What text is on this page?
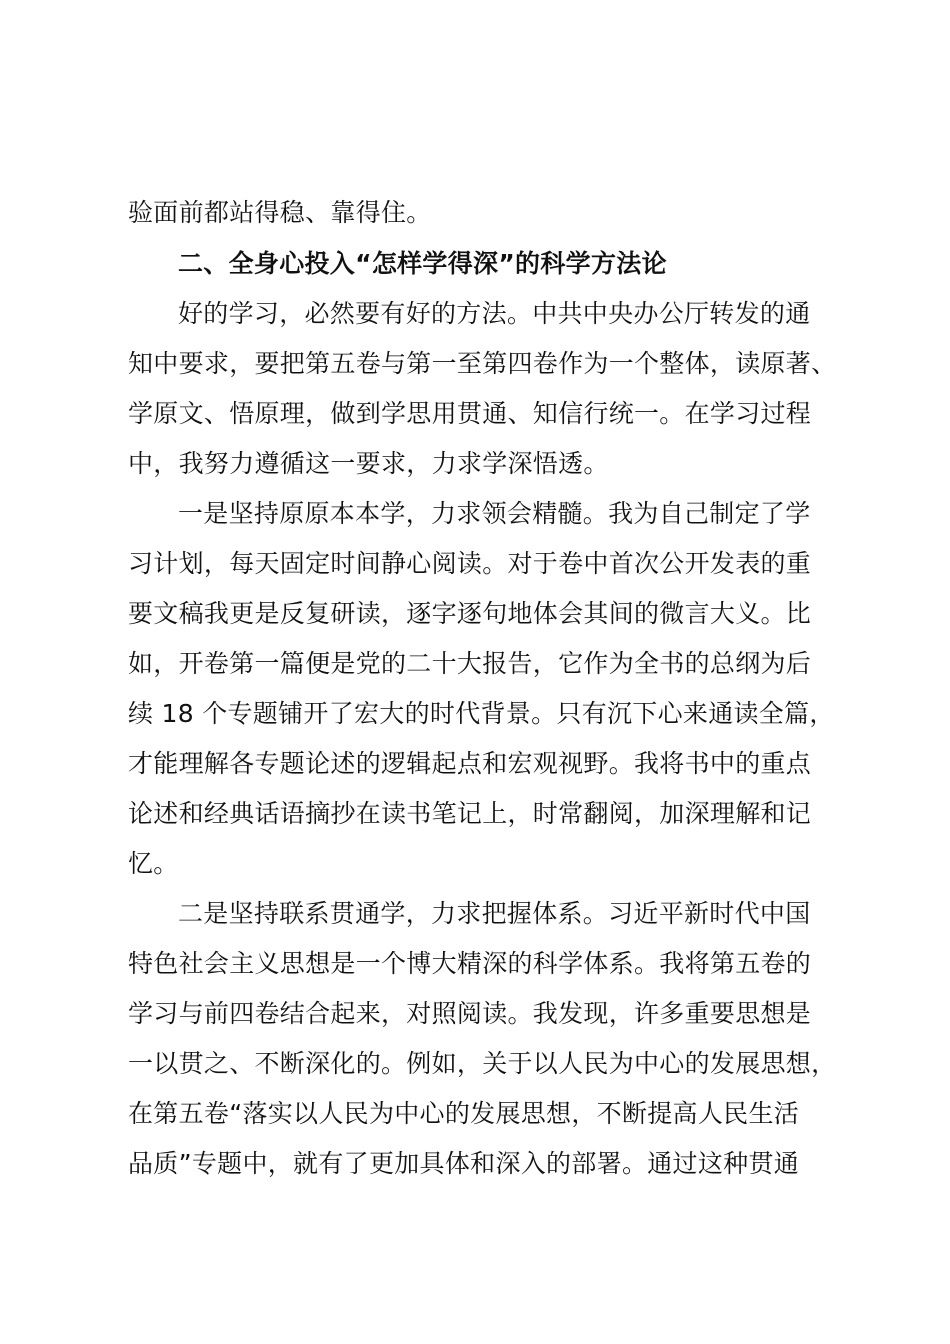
验面前都站得稳、靠得住。
二、全身心投入“怎样学得深”的科学方法论
好的学习，必然要有好的方法。中共中央办公厅转发的通
知中要求，要把第五卷与第一至第四卷作为一个整体，读原著、
学原文、悟原理，做到学思用贯通、知信行统一。在学习过程
中，我努力遵循这一要求，力求学深悟透。
一是坚持原原本本学，力求领会精髓。我为自己制定了学
习计划，每天固定时间静心阅读。对于卷中首次公开发表的重
要文稿我更是反复研读，逐字逐句地体会其间的微言大义。比
如，开卷第一篇便是党的二十大报告，它作为全书的总纲为后
续 18 个专题铺开了宏大的时代背景。只有沉下心来通读全篇，
才能理解各专题论述的逻辑起点和宏观视野。我将书中的重点
论述和经典话语摘抄在读书笔记上，时常翻阅，加深理解和记
忆。
二是坚持联系贯通学，力求把握体系。习近平新时代中国
特色社会主义思想是一个博大精深的科学体系。我将第五卷的
学习与前四卷结合起来，对照阅读。我发现，许多重要思想是
一以贯之、不断深化的。例如，关于以人民为中心的发展思想，
在第五卷“落实以人民为中心的发展思想，不断提高人民生活
品质”专题中，就有了更加具体和深入的部署。通过这种贯通
